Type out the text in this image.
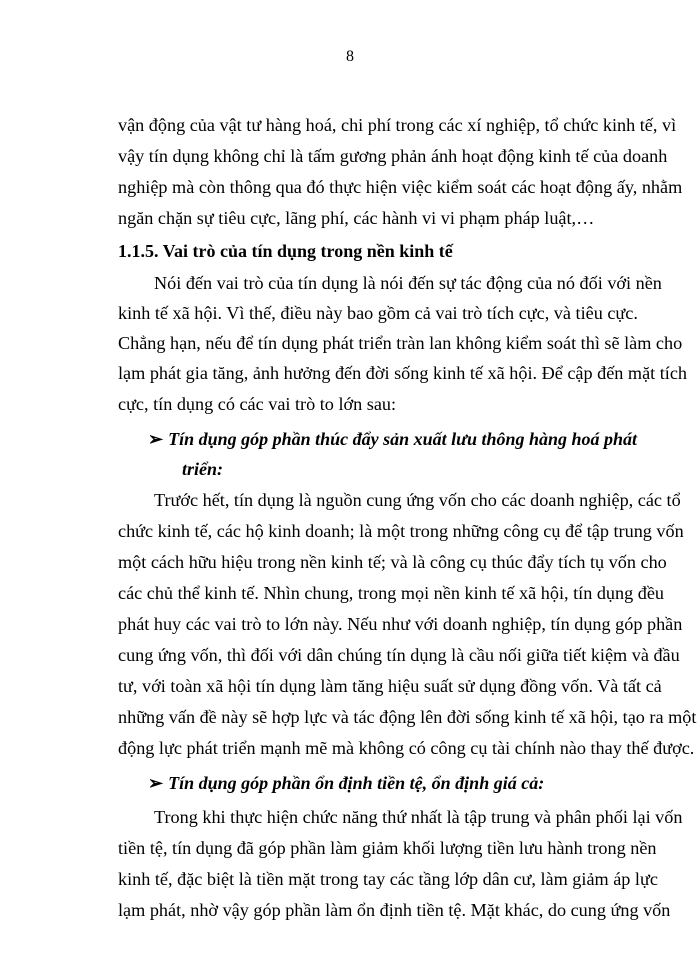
8
vận động của vật tư hàng hoá, chi phí trong các xí nghiệp, tổ chức kinh tế, vì
vậy tín dụng không chỉ là tấm gương phản ánh hoạt động kinh tế của doanh
nghiệp mà còn thông qua đó thực hiện việc kiểm soát các hoạt động ấy, nhằm
ngăn chặn sự tiêu cực, lãng phí, các hành vi vi phạm pháp luật,…
1.1.5. Vai trò của tín dụng trong nền kinh tế
Nói đến vai trò của tín dụng là nói đến sự tác động của nó đối với nền
kinh tế xã hội. Vì thế, điều này bao gồm cả vai trò tích cực, và tiêu cực.
Chẳng hạn, nếu để tín dụng phát triển tràn lan không kiểm soát thì sẽ làm cho
lạm phát gia tăng, ảnh hưởng đến đời sống kinh tế xã hội. Để cập đến mặt tích
cực, tín dụng có các vai trò to lớn sau:
➢ Tín dụng góp phần thúc đẩy sản xuất lưu thông hàng hoá phát
triển:
Trước hết, tín dụng là nguồn cung ứng vốn cho các doanh nghiệp, các tổ
chức kinh tế, các hộ kinh doanh; là một trong những công cụ để tập trung vốn
một cách hữu hiệu trong nền kinh tế; và là công cụ thúc đẩy tích tụ vốn cho
các chủ thể kinh tế. Nhìn chung, trong mọi nền kinh tế xã hội, tín dụng đều
phát huy các vai trò to lớn này. Nếu như với doanh nghiệp, tín dụng góp phần
cung ứng vốn, thì đối với dân chúng tín dụng là cầu nối giữa tiết kiệm và đầu
tư, với toàn xã hội tín dụng làm tăng hiệu suất sử dụng đồng vốn. Và tất cả
những vấn đề này sẽ hợp lực và tác động lên đời sống kinh tế xã hội, tạo ra một
động lực phát triển mạnh mẽ mà không có công cụ tài chính nào thay thế được.
➢ Tín dụng góp phần ổn định tiền tệ, ổn định giá cả:
Trong khi thực hiện chức năng thứ nhất là tập trung và phân phối lại vốn
tiền tệ, tín dụng đã góp phần làm giảm khối lượng tiền lưu hành trong nền
kinh tế, đặc biệt là tiền mặt trong tay các tầng lớp dân cư, làm giảm áp lực
lạm phát, nhờ vậy góp phần làm ổn định tiền tệ. Mặt khác, do cung ứng vốn
